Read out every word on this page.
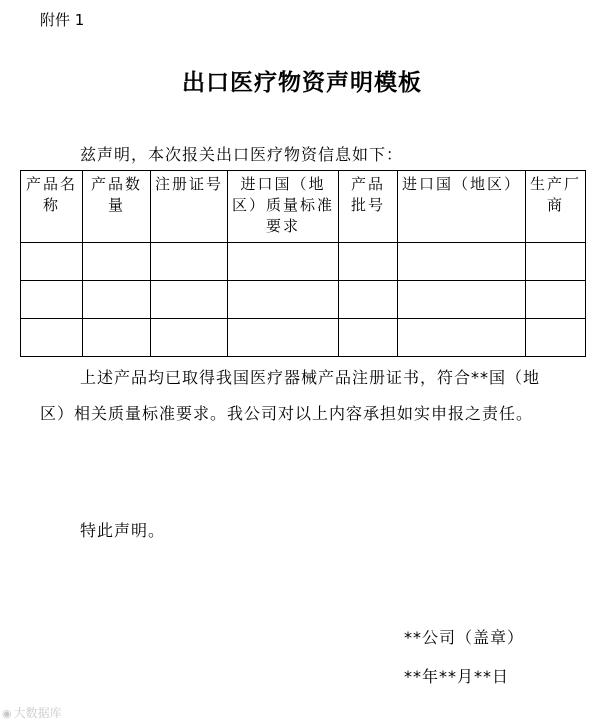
附件 1
出口医疗物资声明模板
兹声明，本次报关出口医疗物资信息如下：
产品名称	产品数量	注册证号	进口国（地区）质量标准要求	产品批号	进口国（地区）	生产厂商

上述产品均已取得我国医疗器械产品注册证书，符合**国（地区）相关质量标准要求。我公司对以上内容承担如实申报之责任。
特此声明。
**公司（盖章）
**年**月**日
◉ 大数据库
